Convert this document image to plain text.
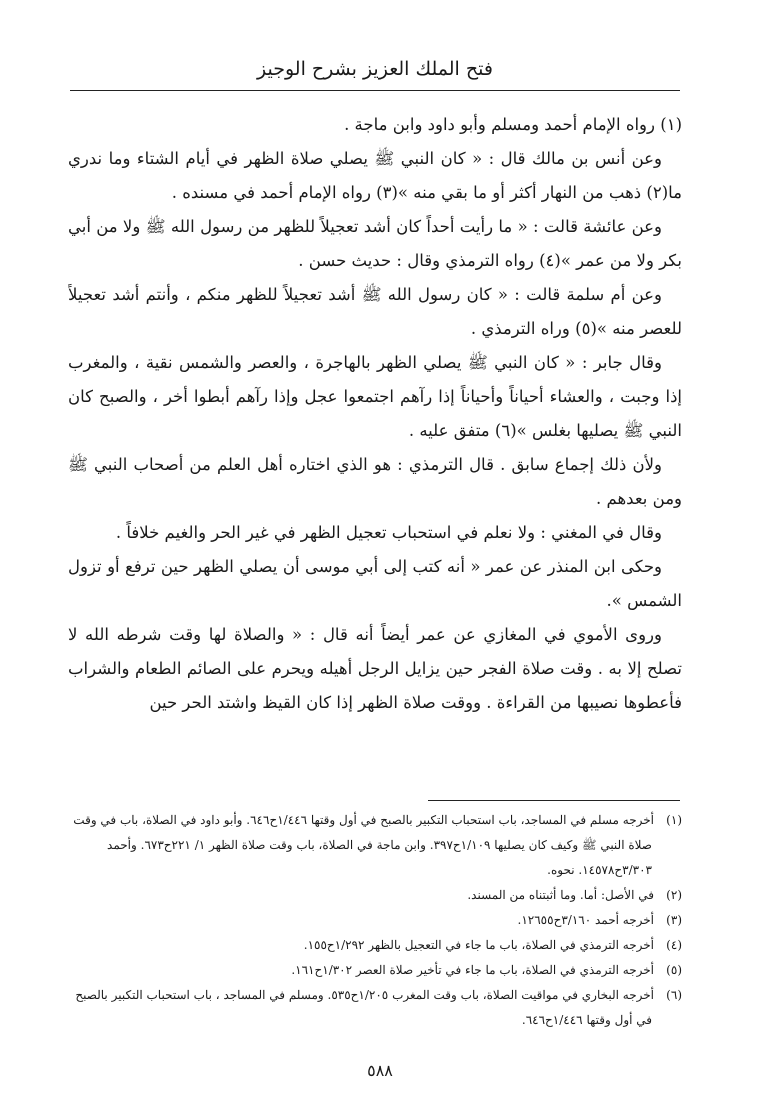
فتح الملك العزيز بشرح الوجيز

(١) رواه الإمام أحمد ومسلم وأبو داود وابن ماجة .

وعن أنس بن مالك قال : « كان النبي ﷺ يصلي صلاة الظهر في أيام الشتاء وما ندري ما(٢) ذهب من النهار أكثر أو ما بقي منه »(٣) رواه الإمام أحمد في مسنده .

وعن عائشة قالت : « ما رأيت أحداً كان أشد تعجيلاً للظهر من رسول الله ﷺ ولا من أبي بكر ولا من عمر »(٤) رواه الترمذي وقال : حديث حسن .

وعن أم سلمة قالت : « كان رسول الله ﷺ أشد تعجيلاً للظهر منكم ، وأنتم أشد تعجيلاً للعصر منه »(٥) وراه الترمذي .

وقال جابر : « كان النبي ﷺ يصلي الظهر بالهاجرة ، والعصر والشمس نقية ، والمغرب إذا وجبت ، والعشاء أحياناً وأحياناً إذا رآهم اجتمعوا عجل وإذا رآهم أبطوا أخر ، والصبح كان النبي ﷺ يصليها بغلس »(٦) متفق عليه .

ولأن ذلك إجماع سابق . قال الترمذي : هو الذي اختاره أهل العلم من أصحاب النبي ﷺ ومن بعدهم .

وقال في المغني : ولا نعلم في استحباب تعجيل الظهر في غير الحر والغيم خلافاً .

وحكى ابن المنذر عن عمر « أنه كتب إلى أبي موسى أن يصلي الظهر حين ترفع أو تزول الشمس ».

وروى الأموي في المغازي عن عمر أيضاً أنه قال : « والصلاة لها وقت شرطه الله لا تصلح إلا به . وقت صلاة الفجر حين يزايل الرجل أهيله ويحرم على الصائم الطعام والشراب فأعطوها نصيبها من القراءة . ووقت صلاة الظهر إذا كان القيظ واشتد الحر حين

(١)أخرجه مسلم في المساجد، باب استحباب التكبير بالصبح في أول وقتها ١/٤٤٦ح٦٤٦. وأبو داود في الصلاة، باب في وقت صلاة النبي ﷺ وكيف كان يصليها ١/١٠٩ح٣٩٧. وابن ماجة في الصلاة، باب وقت صلاة الظهر ١/ ٢٢١ح٦٧٣. وأحمد ٣/٣٠٣ح١٤٥٧٨. نحوه.

(٢)في الأصل: أما. وما أثبتناه من المسند.

(٣)أخرجه أحمد ٣/١٦٠ح١٢٦٥٥.

(٤)أخرجه الترمذي في الصلاة، باب ما جاء في التعجيل بالظهر ١/٢٩٢ح١٥٥.

(٥)أخرجه الترمذي في الصلاة، باب ما جاء في تأخير صلاة العصر ١/٣٠٢ح١٦١.

(٦)أخرجه البخاري في مواقيت الصلاة، باب وقت المغرب ١/٢٠٥ح٥٣٥. ومسلم في المساجد ، باب استحباب التكبير بالصبح في أول وقتها ١/٤٤٦ح٦٤٦.

٥٨٨
